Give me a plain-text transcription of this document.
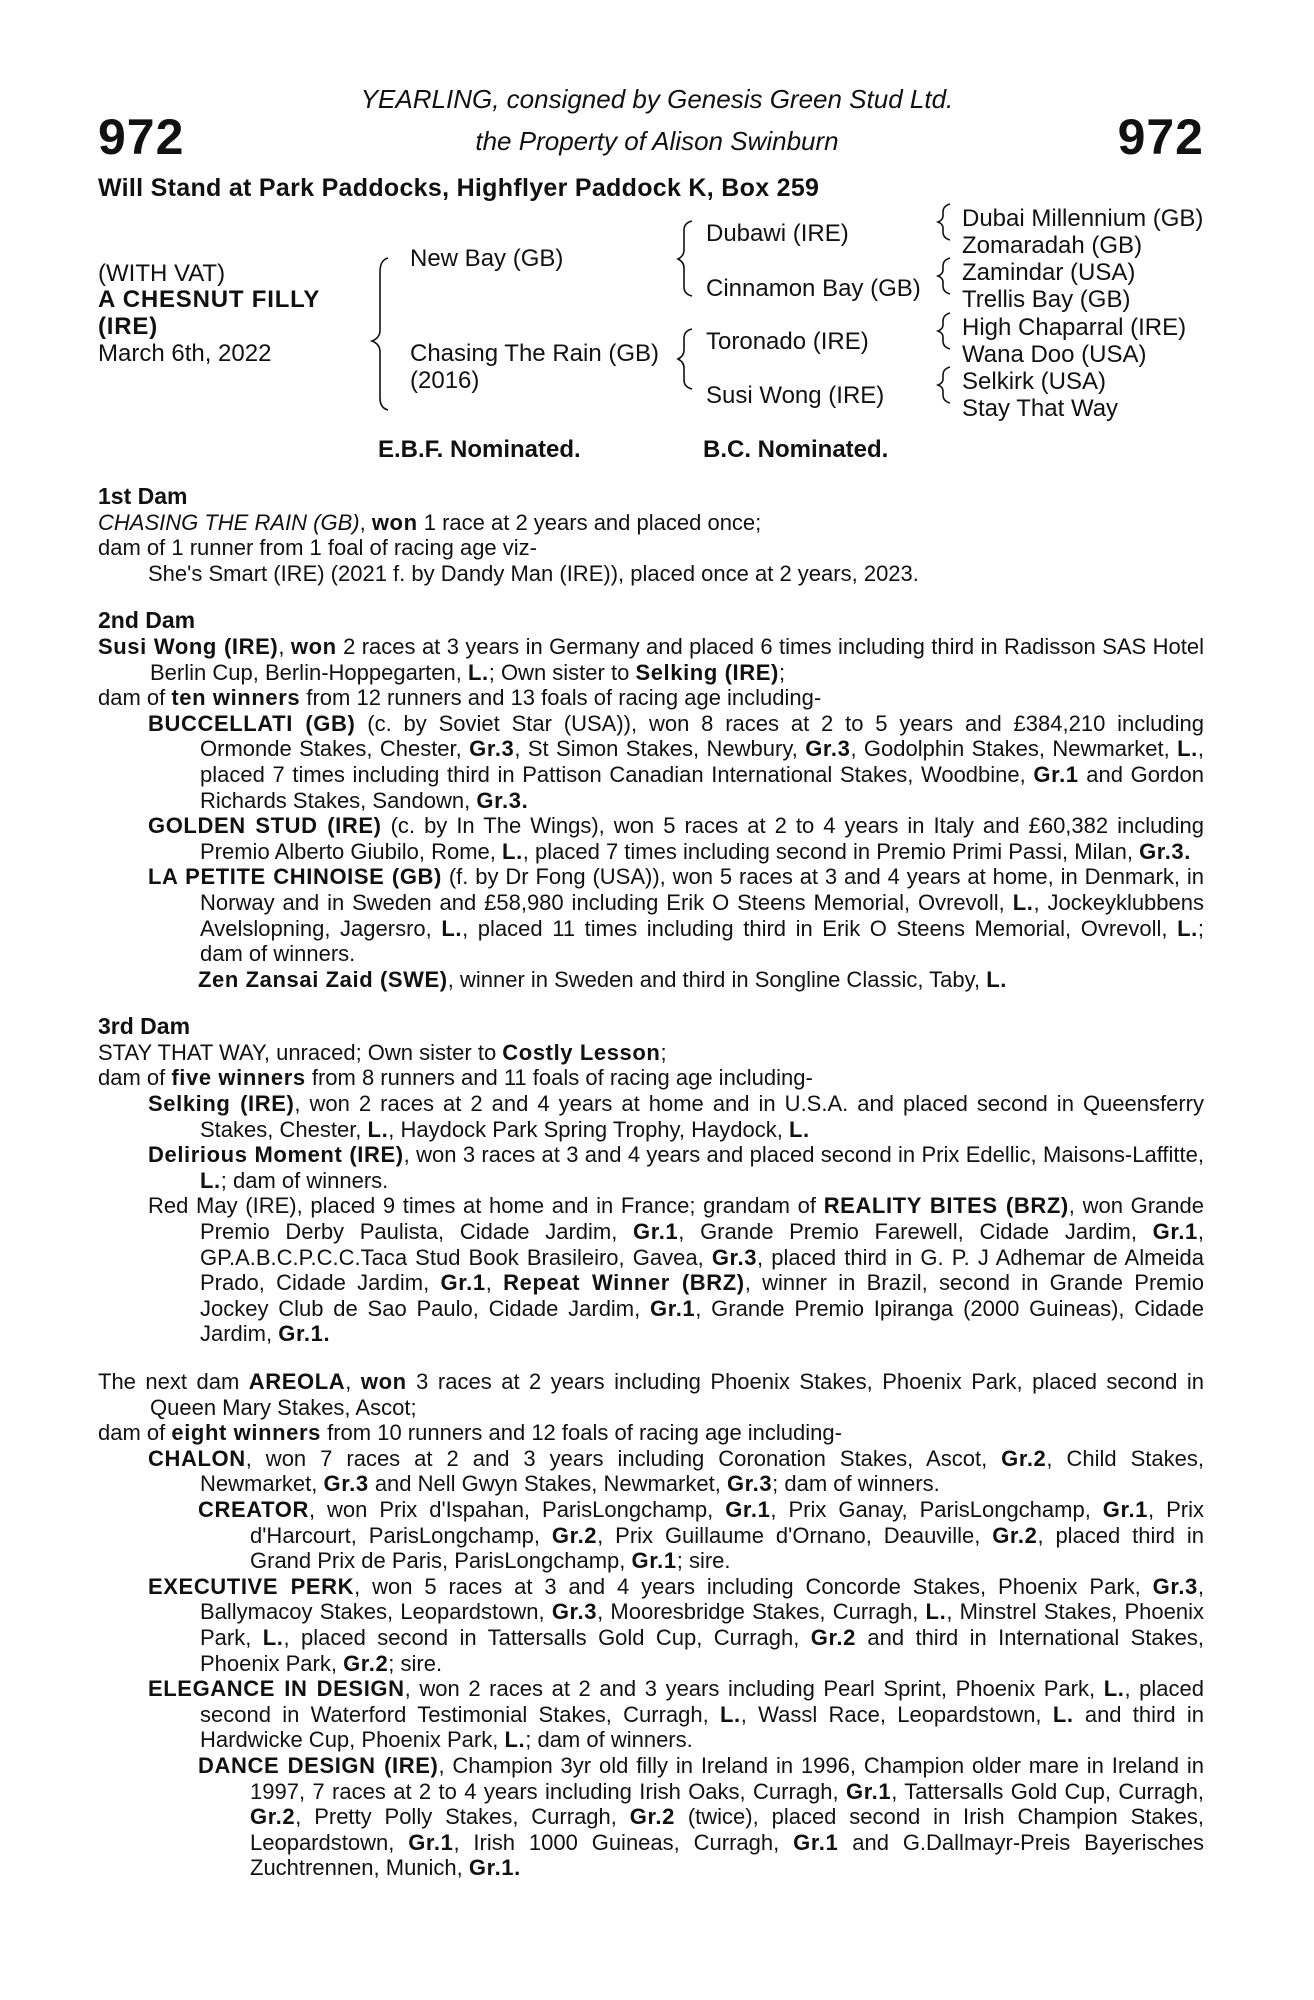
972	972
YEARLING, consigned by Genesis Green Stud Ltd.
the Property of Alison Swinburn
Will Stand at Park Paddocks, Highflyer Paddock K, Box 259
(WITH VAT)
A CHESNUT FILLY
(IRE)
March 6th, 2022
New Bay (GB)
Chasing The Rain (GB)
(2016)
Dubawi (IRE)
Cinnamon Bay (GB)
Toronado (IRE)
Susi Wong (IRE)
Dubai Millennium (GB)
Zomaradah (GB)
Zamindar (USA)
Trellis Bay (GB)
High Chaparral (IRE)
Wana Doo (USA)
Selkirk (USA)
Stay That Way
E.B.F. Nominated.	B.C. Nominated.
1st Dam
CHASING THE RAIN (GB), won 1 race at 2 years and placed once;
dam of 1 runner from 1 foal of racing age viz-
She's Smart (IRE) (2021 f. by Dandy Man (IRE)), placed once at 2 years, 2023.
2nd Dam
Susi Wong (IRE), won 2 races at 3 years in Germany and placed 6 times including third in Radisson SAS Hotel Berlin Cup, Berlin-Hoppegarten, L.; Own sister to Selking (IRE);
dam of ten winners from 12 runners and 13 foals of racing age including-
BUCCELLATI (GB) (c. by Soviet Star (USA)), won 8 races at 2 to 5 years and £384,210 including Ormonde Stakes, Chester, Gr.3, St Simon Stakes, Newbury, Gr.3, Godolphin Stakes, Newmarket, L., placed 7 times including third in Pattison Canadian International Stakes, Woodbine, Gr.1 and Gordon Richards Stakes, Sandown, Gr.3.
GOLDEN STUD (IRE) (c. by In The Wings), won 5 races at 2 to 4 years in Italy and £60,382 including Premio Alberto Giubilo, Rome, L., placed 7 times including second in Premio Primi Passi, Milan, Gr.3.
LA PETITE CHINOISE (GB) (f. by Dr Fong (USA)), won 5 races at 3 and 4 years at home, in Denmark, in Norway and in Sweden and £58,980 including Erik O Steens Memorial, Ovrevoll, L., Jockeyklubbens Avelslopning, Jagersro, L., placed 11 times including third in Erik O Steens Memorial, Ovrevoll, L.; dam of winners.
Zen Zansai Zaid (SWE), winner in Sweden and third in Songline Classic, Taby, L.
3rd Dam
STAY THAT WAY, unraced; Own sister to Costly Lesson;
dam of five winners from 8 runners and 11 foals of racing age including-
Selking (IRE), won 2 races at 2 and 4 years at home and in U.S.A. and placed second in Queensferry Stakes, Chester, L., Haydock Park Spring Trophy, Haydock, L.
Delirious Moment (IRE), won 3 races at 3 and 4 years and placed second in Prix Edellic, Maisons-Laffitte, L.; dam of winners.
Red May (IRE), placed 9 times at home and in France; grandam of REALITY BITES (BRZ), won Grande Premio Derby Paulista, Cidade Jardim, Gr.1, Grande Premio Farewell, Cidade Jardim, Gr.1, GP.A.B.C.P.C.C.Taca Stud Book Brasileiro, Gavea, Gr.3, placed third in G. P. J Adhemar de Almeida Prado, Cidade Jardim, Gr.1, Repeat Winner (BRZ), winner in Brazil, second in Grande Premio Jockey Club de Sao Paulo, Cidade Jardim, Gr.1, Grande Premio Ipiranga (2000 Guineas), Cidade Jardim, Gr.1.
The next dam AREOLA, won 3 races at 2 years including Phoenix Stakes, Phoenix Park, placed second in Queen Mary Stakes, Ascot;
dam of eight winners from 10 runners and 12 foals of racing age including-
CHALON, won 7 races at 2 and 3 years including Coronation Stakes, Ascot, Gr.2, Child Stakes, Newmarket, Gr.3 and Nell Gwyn Stakes, Newmarket, Gr.3; dam of winners.
CREATOR, won Prix d'Ispahan, ParisLongchamp, Gr.1, Prix Ganay, ParisLongchamp, Gr.1, Prix d'Harcourt, ParisLongchamp, Gr.2, Prix Guillaume d'Ornano, Deauville, Gr.2, placed third in Grand Prix de Paris, ParisLongchamp, Gr.1; sire.
EXECUTIVE PERK, won 5 races at 3 and 4 years including Concorde Stakes, Phoenix Park, Gr.3, Ballymacoy Stakes, Leopardstown, Gr.3, Mooresbridge Stakes, Curragh, L., Minstrel Stakes, Phoenix Park, L., placed second in Tattersalls Gold Cup, Curragh, Gr.2 and third in International Stakes, Phoenix Park, Gr.2; sire.
ELEGANCE IN DESIGN, won 2 races at 2 and 3 years including Pearl Sprint, Phoenix Park, L., placed second in Waterford Testimonial Stakes, Curragh, L., Wassl Race, Leopardstown, L. and third in Hardwicke Cup, Phoenix Park, L.; dam of winners.
DANCE DESIGN (IRE), Champion 3yr old filly in Ireland in 1996, Champion older mare in Ireland in 1997, 7 races at 2 to 4 years including Irish Oaks, Curragh, Gr.1, Tattersalls Gold Cup, Curragh, Gr.2, Pretty Polly Stakes, Curragh, Gr.2 (twice), placed second in Irish Champion Stakes, Leopardstown, Gr.1, Irish 1000 Guineas, Curragh, Gr.1 and G.Dallmayr-Preis Bayerisches Zuchtrennen, Munich, Gr.1.
